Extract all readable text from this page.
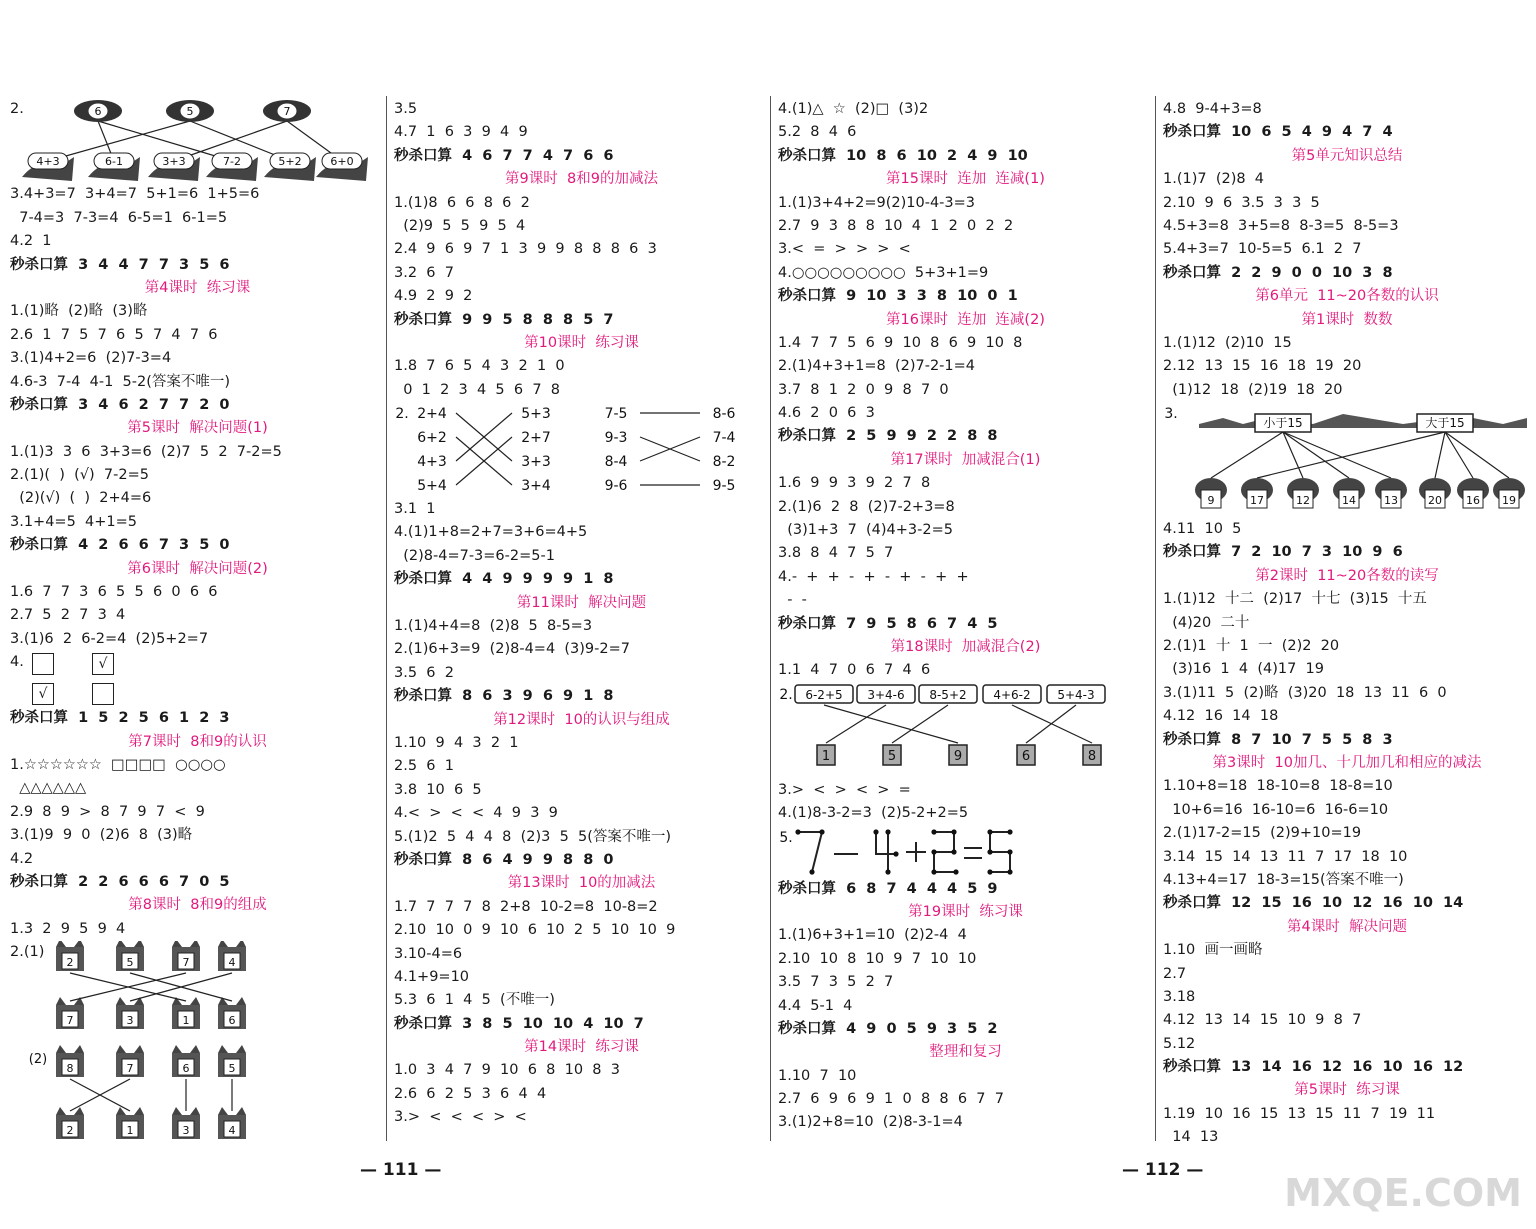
2.	6	5	7
4+3	6-1	3+3	7-2	5+2	6+0
3.4+3=7  3+4=7  5+1=6  1+5=6
7-4=3  7-3=4  6-5=1  6-1=5
4.2  1
秒杀口算  3  4  4  7  7  3  5  6
第4课时  练习课
1.(1)略  (2)略  (3)略
2.6  1  7  5  7  6  5  7  4  7  6
3.(1)4+2=6  (2)7-3=4
4.6-3  7-4  4-1  5-2(答案不唯一)
秒杀口算  3  4  6  2  7  7  2  0
第5课时  解决问题(1)
1.(1)3  3  6  3+3=6  (2)7  5  2  7-2=5
2.(1)(  )  (√)  7-2=5
(2)(√)  (  )  2+4=6
3.1+4=5  4+1=5
秒杀口算  4  2  6  6  7  3  5  0
第6课时  解决问题(2)
1.6  7  7  3  6  5  5  6  0  6  6
2.7  5  2  7  3  4
3.(1)6  2  6-2=4  (2)5+2=7
4.	√
√
秒杀口算  1  5  2  5  6  1  2  3
第7课时  8和9的认识
1.☆☆☆☆☆☆  □□□□  ○○○○
△△△△△△
2.9  8  9  >  8  7  9  7  <  9
3.(1)9  9  0  (2)6  8  (3)略
4.2
秒杀口算  2  2  6  6  6  7  0  5
第8课时  8和9的组成
1.3  2  9  5  9  4
2.(1)
2	5	7	4
7	3	1	6
(2)
8	7	6	5
2	1	3	4
3.5
4.7  1  6  3  9  4  9
秒杀口算  4  6  7  7  4  7  6  6
第9课时  8和9的加减法
1.(1)8  6  6  8  6  2
(2)9  5  5  9  5  4
2.4  9  6  9  7  1  3  9  9  8  8  8  6  3
3.2  6  7
4.9  2  9  2
秒杀口算  9  9  5  8  8  8  5  7
第10课时  练习课
1.8  7  6  5  4  3  2  1  0
0  1  2  3  4  5  6  7  8
2. 2+4
6+2
4+3
5+4
5+3
2+7
3+3
3+4
7-5
9-3
8-4
9-6
8-6
7-4
8-2
9-5
3.1  1
4.(1)1+8=2+7=3+6=4+5
(2)8-4=7-3=6-2=5-1
秒杀口算  4  4  9  9  9  9  1  8
第11课时  解决问题
1.(1)4+4=8  (2)8  5  8-5=3
2.(1)6+3=9  (2)8-4=4  (3)9-2=7
3.5  6  2
秒杀口算  8  6  3  9  6  9  1  8
第12课时  10的认识与组成
1.10  9  4  3  2  1
2.5  6  1
3.8  10  6  5
4.<  >  <  <  4  9  3  9
5.(1)2  5  4  4  8  (2)3  5  5(答案不唯一)
秒杀口算  8  6  4  9  9  8  8  0
第13课时  10的加减法
1.7  7  7  7  8  2+8  10-2=8  10-8=2
2.10  10  0  9  10  6  10  2  5  10  10  9
3.10-4=6
4.1+9=10
5.3  6  1  4  5  (不唯一)
秒杀口算  3  8  5  10  10  4  10  7
第14课时  练习课
1.0  3  4  7  9  10  6  8  10  8  3
2.6  6  2  5  3  6  4  4
3.>  <  <  <  >  <
4.(1)△  ☆  (2)□  (3)2
5.2  8  4  6
秒杀口算  10  8  6  10  2  4  9  10
第15课时  连加  连减(1)
1.(1)3+4+2=9(2)10-4-3=3
2.7  9  3  8  8  10  4  1  2  0  2  2
3.<  =  >  >  >  <
4.○○○○○○○○○  5+3+1=9
秒杀口算  9  10  3  3  8  10  0  1
第16课时  连加  连减(2)
1.4  7  7  5  6  9  10  8  6  9  10  8
2.(1)4+3+1=8  (2)7-2-1=4
3.7  8  1  2  0  9  8  7  0
4.6  2  0  6  3
秒杀口算  2  5  9  9  2  2  8  8
第17课时  加减混合(1)
1.6  9  9  3  9  2  7  8
2.(1)6  2  8  (2)7-2+3=8
(3)1+3  7  (4)4+3-2=5
3.8  8  4  7  5  7
4.-  +  +  -  +  -  +  -  +  +
-  -
秒杀口算  7  9  5  8  6  7  4  5
第18课时  加减混合(2)
1.1  4  7  0  6  7  4  6
2. 6-2+5 3+4-6 8-5+2 4+6-2 5+4-3
1	5	9	6	8
3.>  <  >  <  >  =
4.(1)8-3-2=3  (2)5-2+2=5
5.
秒杀口算  6  8  7  4  4  4  5  9
第19课时  练习课
1.(1)6+3+1=10  (2)2-4  4
2.10  10  8  10  9  7  10  10
3.5  7  3  5  2  7
4.4  5-1  4
秒杀口算  4  9  0  5  9  3  5  2
整理和复习
1.10  7  10
2.7  6  9  6  9  1  0  8  8  6  7  7
3.(1)2+8=10  (2)8-3-1=4
4.8  9-4+3=8
秒杀口算  10  6  5  4  9  4  7  4
第5单元知识总结
1.(1)7  (2)8  4
2.10  9  6  3.5  3  3  5
4.5+3=8  3+5=8  8-3=5  8-5=3
5.4+3=7  10-5=5  6.1  2  7
秒杀口算  2  2  9  0  0  10  3  8
第6单元  11~20各数的认识
第1课时  数数
1.(1)12  (2)10  15
2.12  13  15  16  18  19  20
(1)12  18  (2)19  18  20
3.
小于15	大于15
9	17	12	14	13	20 16 19
4.11  10  5
秒杀口算  7  2  10  7  3  10  9  6
第2课时  11~20各数的读写
1.(1)12  十二  (2)17  十七  (3)15  十五
(4)20  二十
2.(1)1  十  1  一  (2)2  20
(3)16  1  4  (4)17  19
3.(1)11  5  (2)略  (3)20  18  13  11  6  0
4.12  16  14  18
秒杀口算  8  7  10  7  5  5  8  3
第3课时  10加几、十几加几和相应的减法
1.10+8=18  18-10=8  18-8=10
10+6=16  16-10=6  16-6=10
2.(1)17-2=15  (2)9+10=19
3.14  15  14  13  11  7  17  18  10
4.13+4=17  18-3=15(答案不唯一)
秒杀口算  12  15  16  10  12  16  10  14
第4课时  解决问题
1.10  画一画略
2.7
3.18
4.12  13  14  15  10  9  8  7
5.12
秒杀口算  13  14  16  12  16  10  16  12
第5课时  练习课
1.19  10  16  15  13  15  11  7  19  11
14  13
— 111 —	— 112 —
MXQE.COM
